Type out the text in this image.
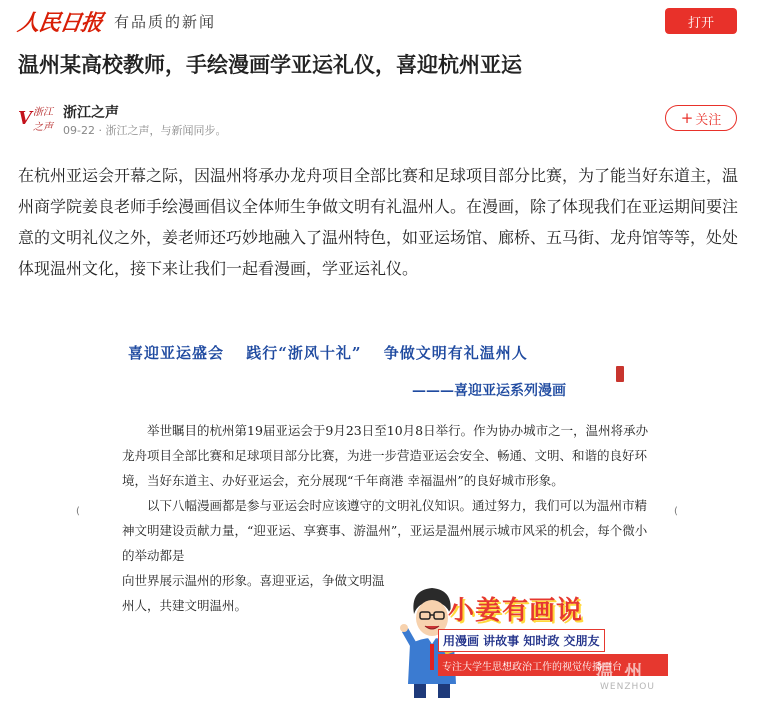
人民日报 有品质的新闻	打开
温州某高校教师，手绘漫画学亚运礼仪，喜迎杭州亚运
V 浙江之声
浙江之声
09-22 · 浙江之声，与新闻同步。
+ 关注

在杭州亚运会开幕之际，因温州将承办龙舟项目全部比赛和足球项目部分比赛，为了能当好东道主，温州商学院姜良老师手绘漫画倡议全体师生争做文明有礼温州人。在漫画，除了体现我们在亚运期间要注意的文明礼仪之外，姜老师还巧妙地融入了温州特色，如亚运场馆、廊桥、五马街、龙舟馆等等，处处体现温州文化，接下来让我们一起看漫画，学亚运礼仪。

喜迎亚运盛会　 践行“浙风十礼”　 争做文明有礼温州人
———喜迎亚运系列漫画
(	(

举世瞩目的杭州第19届亚运会于9月23日至10月8日举行。作为协办城市之一，温州将承办龙舟项目全部比赛和足球项目部分比赛，为进一步营造亚运会安全、畅通、文明、和谐的良好环境，当好东道主、办好亚运会，充分展现“千年商港 幸福温州”的良好城市形象。

以下八幅漫画都是参与亚运会时应该遵守的文明礼仪知识。通过努力，我们可以为温州市精神文明建设贡献力量，“迎亚运、享赛事、游温州”，亚运是温州展示城市风采的机会，每个微小的举动都是

向世界展示温州的形象。喜迎亚运，争做文明温州人，共建文明温州。	小姜有画说
用漫画 讲故事 知时政 交朋友
专注大学生思想政治工作的视觉传播平台
温 州
WENZHOU
